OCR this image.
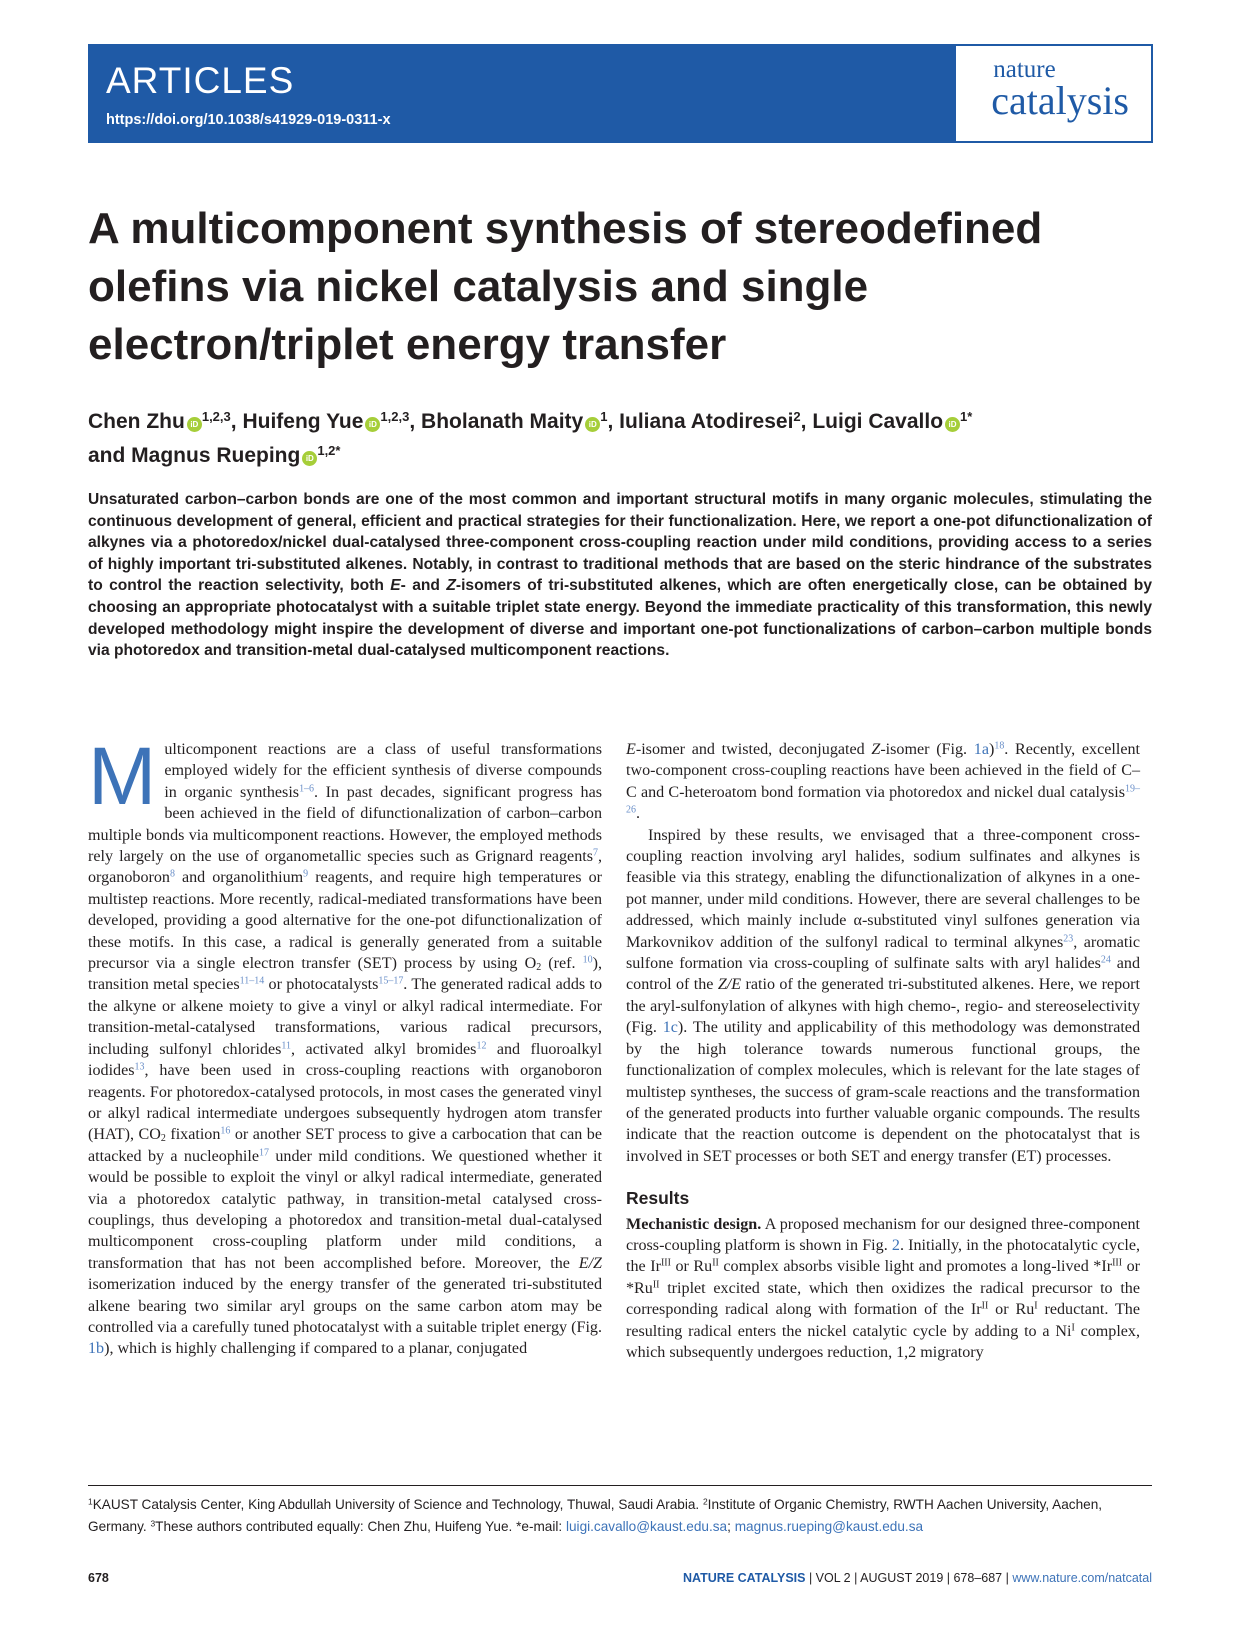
ARTICLES
https://doi.org/10.1038/s41929-019-0311-x
nature
catalysis
A multicomponent synthesis of stereodefined olefins via nickel catalysis and single electron/triplet energy transfer
Chen Zhu iD$^{1,2,3}$, Huifeng Yue iD$^{1,2,3}$, Bholanath Maity $iD^1$, Iuliana Atodiresei$^2$, Luigi Cavallo $iD^{1*}$
and Magnus Rueping $iD^{1,2*}$

Unsaturated carbon–carbon bonds are one of the most common and important structural motifs in many organic molecules, stimulating the continuous development of general, efficient and practical strategies for their functionalization. Here, we report a one-pot difunctionalization of alkynes via a photoredox/nickel dual-catalysed three-component cross-coupling reaction under mild conditions, providing access to a series of highly important tri-substituted alkenes. Notably, in contrast to traditional methods that are based on the steric hindrance of the substrates to control the reaction selectivity, both E- and Z-isomers of tri-substituted alkenes, which are often energetically close, can be obtained by choosing an appropriate photocatalyst with a suitable triplet state energy. Beyond the immediate practicality of this transformation, this newly developed methodology might inspire the development of diverse and important one-pot functionalizations of carbon–carbon multiple bonds via photoredox and transition-metal dual-catalysed multicomponent reactions.

Multicomponent reactions are a class of useful transformations employed widely for the efficient synthesis of diverse compounds in organic synthesis$^{1-6}$. In past decades, significant progress has been achieved in the field of difunctionalization of carbon–carbon multiple bonds via multicomponent reactions. However, the employed methods rely largely on the use of organometallic species such as Grignard reagents$^7$, organoboron$^8$ and organolithium$^9$ reagents, and require high temperatures or multistep reactions. More recently, radical-mediated transformations have been developed, providing a good alternative for the one-pot difunctionalization of these motifs. In this case, a radical is generally generated from a suitable precursor via a single electron transfer (SET) process by using $O_2$ (ref. $^{10}$), transition metal species$^{11-14}$ or photocatalysts$^{15-17}$. The generated radical adds to the alkyne or alkene moiety to give a vinyl or alkyl radical intermediate. For transition-metal-catalysed transformations, various radical precursors, including sulfonyl chlorides$^{11}$, activated alkyl bromides$^{12}$ and fluoroalkyl iodides$^{13}$, have been used in cross-coupling reactions with organoboron reagents. For photoredox-catalysed protocols, in most cases the generated vinyl or alkyl radical intermediate undergoes subsequently hydrogen atom transfer (HAT), $CO_2$ fixation$^{16}$ or another SET process to give a carbocation that can be attacked by a nucleophile$^{17}$ under mild conditions. We questioned whether it would be possible to exploit the vinyl or alkyl radical intermediate, generated via a photoredox catalytic pathway, in transition-metal catalysed cross-couplings, thus developing a photoredox and transition-metal dual-catalysed multicomponent cross-coupling platform under mild conditions, a transformation that has not been accomplished before. Moreover, the E/Z isomerization induced by the energy transfer of the generated tri-substituted alkene bearing two similar aryl groups on the same carbon atom may be controlled via a carefully tuned photocatalyst with a suitable triplet energy (Fig. 1b), which is highly challenging if compared to a planar, conjugated

E-isomer and twisted, deconjugated Z-isomer (Fig. 1a)$^{18}$. Recently, excellent two-component cross-coupling reactions have been achieved in the field of C–C and C-heteroatom bond formation via photoredox and nickel dual catalysis$^{19-26}$.

Inspired by these results, we envisaged that a three-component cross-coupling reaction involving aryl halides, sodium sulfinates and alkynes is feasible via this strategy, enabling the difunctionalization of alkynes in a one-pot manner, under mild conditions. However, there are several challenges to be addressed, which mainly include α-substituted vinyl sulfones generation via Markovnikov addition of the sulfonyl radical to terminal alkynes$^{23}$, aromatic sulfone formation via cross-coupling of sulfinate salts with aryl halides$^{24}$ and control of the Z/E ratio of the generated tri-substituted alkenes. Here, we report the aryl-sulfonylation of alkynes with high chemo-, regio- and stereoselectivity (Fig. 1c). The utility and applicability of this methodology was demonstrated by the high tolerance towards numerous functional groups, the functionalization of complex molecules, which is relevant for the late stages of multistep syntheses, the success of gram-scale reactions and the transformation of the generated products into further valuable organic compounds. The results indicate that the reaction outcome is dependent on the photocatalyst that is involved in SET processes or both SET and energy transfer (ET) processes.

Results

Mechanistic design. A proposed mechanism for our designed three-component cross-coupling platform is shown in Fig. 2. Initially, in the photocatalytic cycle, the $Ir^{III}$ or $Ru^{II}$ complex absorbs visible light and promotes a long-lived $*Ir^{III}$ or $*Ru^{II}$ triplet excited state, which then oxidizes the radical precursor to the corresponding radical along with formation of the $Ir^{II}$ or $Ru^I$ reductant. The resulting radical enters the nickel catalytic cycle by adding to a $Ni^I$ complex, which subsequently undergoes reduction, 1,2 migratory

$^1$KAUST Catalysis Center, King Abdullah University of Science and Technology, Thuwal, Saudi Arabia. $^2$Institute of Organic Chemistry, RWTH Aachen University, Aachen, Germany. $^3$These authors contributed equally: Chen Zhu, Huifeng Yue. *e-mail: luigi.cavallo@kaust.edu.sa; magnus.rueping@kaust.edu.sa
678	NATURE CATALYSIS | VOL 2 | AUGUST 2019 | 678–687 | www.nature.com/natcatal
